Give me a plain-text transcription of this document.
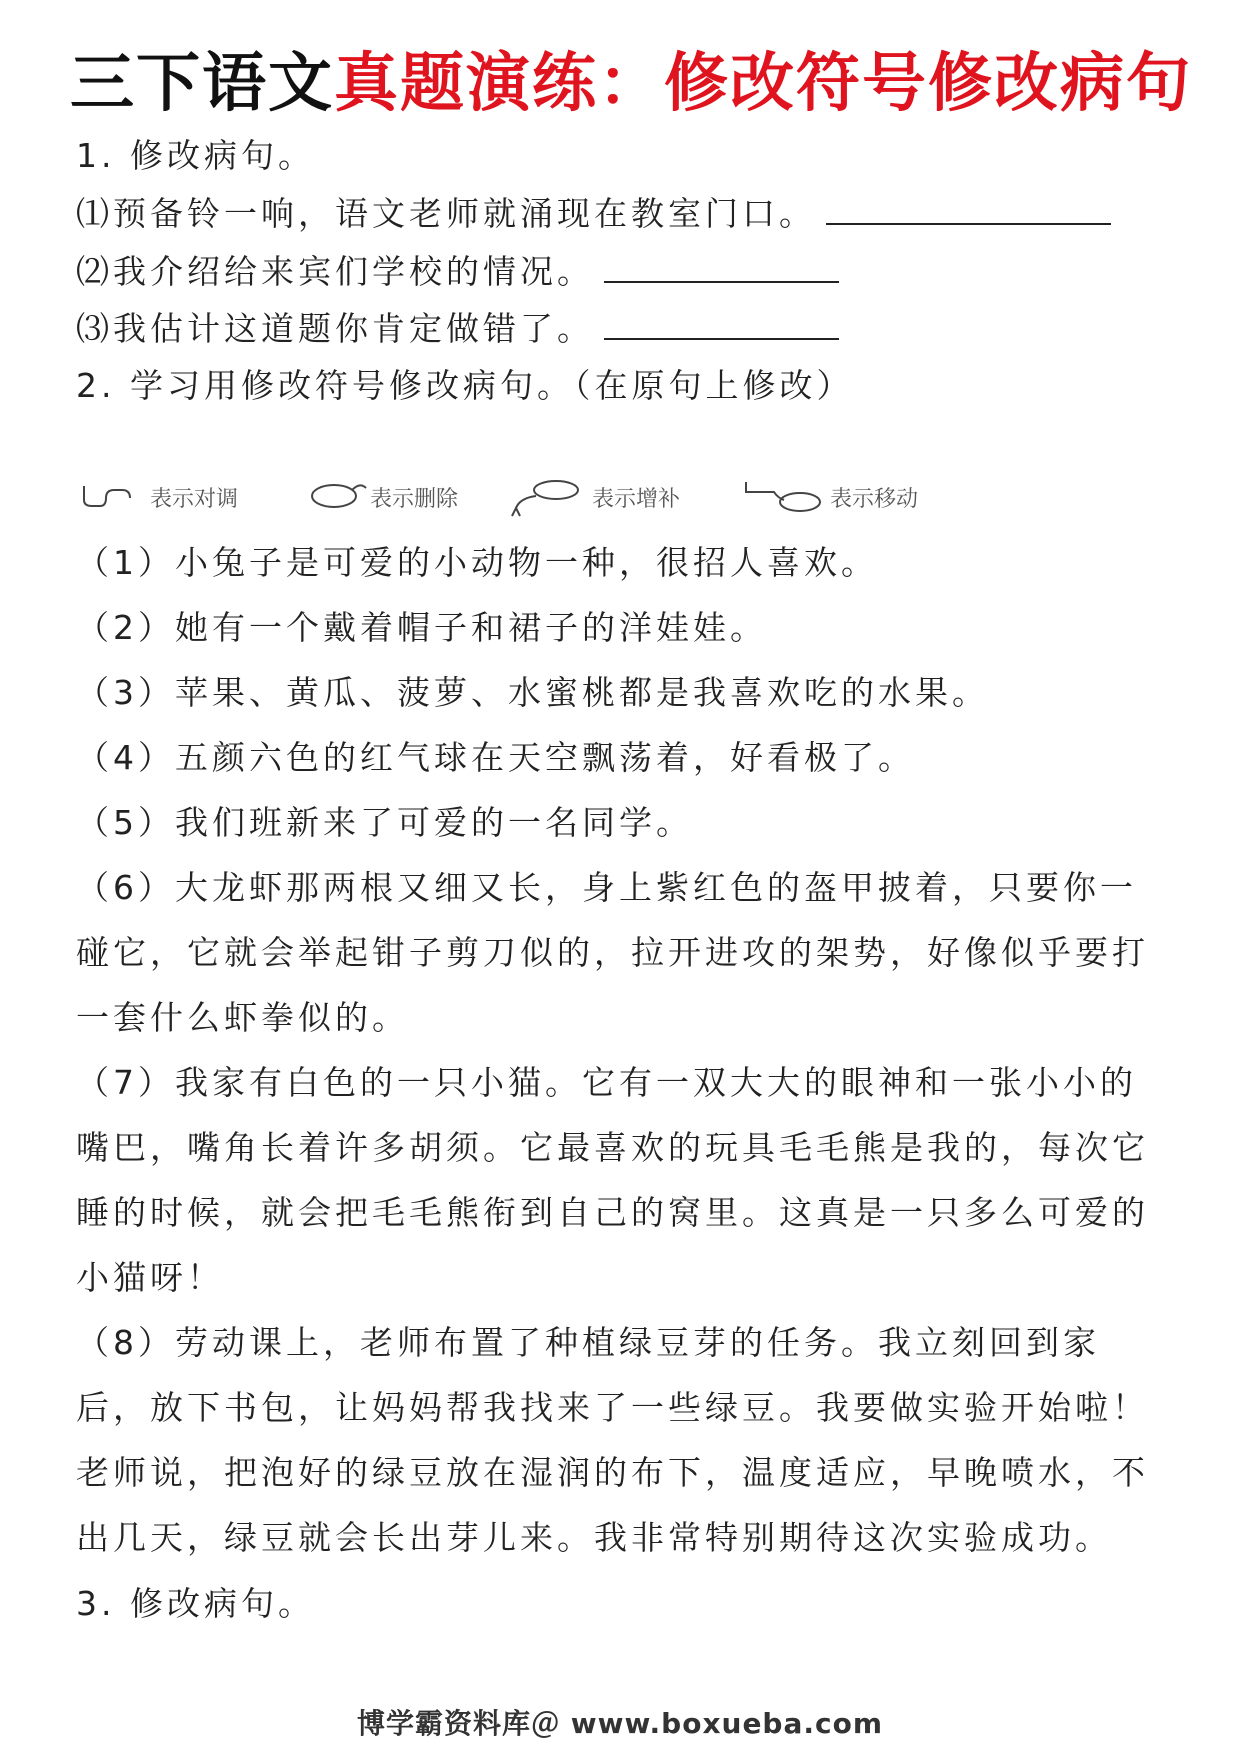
三下语文真题演练：修改符号修改病句
1. 修改病句。
⑴预备铃一响，语文老师就涌现在教室门口。
⑵我介绍给来宾们学校的情况。
⑶我估计这道题你肯定做错了。
2. 学习用修改符号修改病句。（在原句上修改）
表示对调	表示删除	表示增补	表示移动
（1）小兔子是可爱的小动物一种，很招人喜欢。
（2）她有一个戴着帽子和裙子的洋娃娃。
（3）苹果、黄瓜、菠萝、水蜜桃都是我喜欢吃的水果。
（4）五颜六色的红气球在天空飘荡着，好看极了。
（5）我们班新来了可爱的一名同学。
（6）大龙虾那两根又细又长，身上紫红色的盔甲披着，只要你一碰它，它就会举起钳子剪刀似的，拉开进攻的架势，好像似乎要打一套什么虾拳似的。
（7）我家有白色的一只小猫。它有一双大大的眼神和一张小小的嘴巴，嘴角长着许多胡须。它最喜欢的玩具毛毛熊是我的，每次它睡的时候，就会把毛毛熊衔到自己的窝里。这真是一只多么可爱的小猫呀！
（8）劳动课上，老师布置了种植绿豆芽的任务。我立刻回到家后，放下书包，让妈妈帮我找来了一些绿豆。我要做实验开始啦！老师说，把泡好的绿豆放在湿润的布下，温度适应，早晚喷水，不出几天，绿豆就会长出芽儿来。我非常特别期待这次实验成功。
3. 修改病句。
博学霸资料库＠ www.boxueba.com
